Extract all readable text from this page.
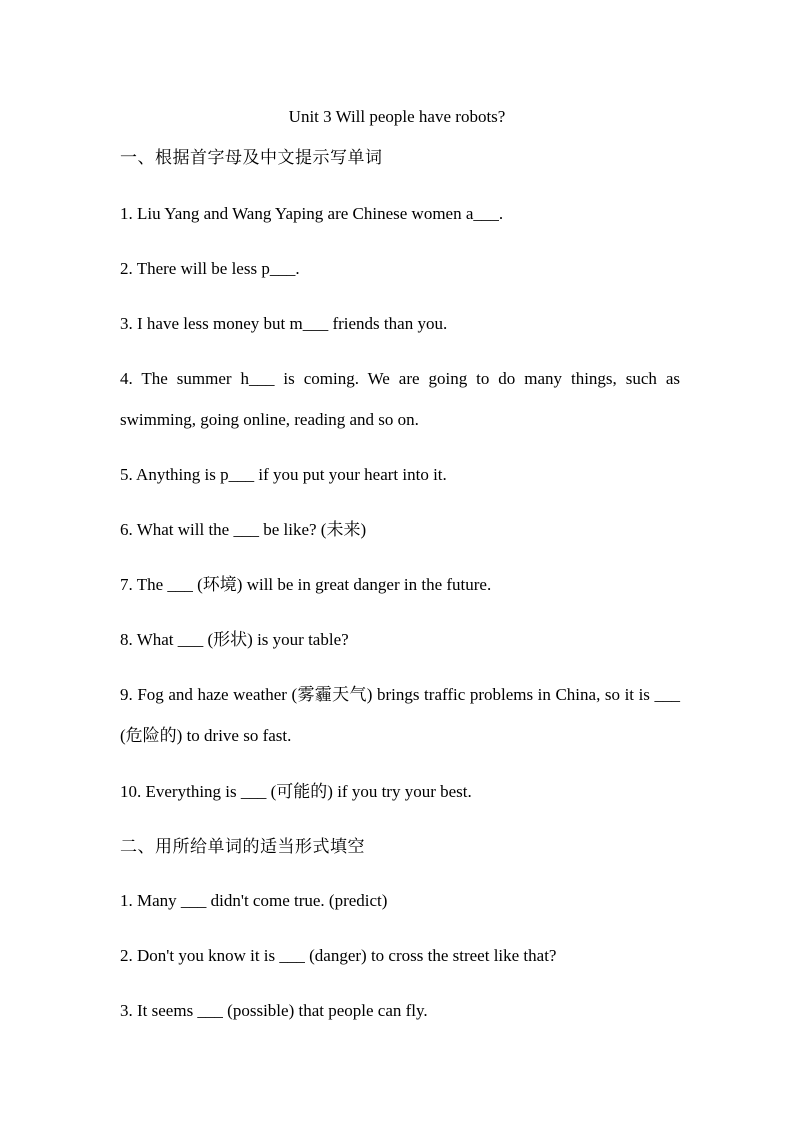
Unit 3 Will people have robots?
一、根据首字母及中文提示写单词
1. Liu Yang and Wang Yaping are Chinese women a___.
2. There will be less p___.
3. I have less money but m___ friends than you.
4. The summer h___ is coming. We are going to do many things, such as swimming, going online, reading and so on.
5. Anything is p___ if you put your heart into it.
6. What will the ___ be like? (未来)
7. The ___ (环境) will be in great danger in the future.
8. What ___ (形状) is your table?
9. Fog and haze weather (雾霾天气) brings traffic problems in China, so it is ___ (危险的) to drive so fast.
10. Everything is ___ (可能的) if you try your best.
二、用所给单词的适当形式填空
1. Many ___ didn't come true. (predict)
2. Don't you know it is ___ (danger) to cross the street like that?
3. It seems ___ (possible) that people can fly.
